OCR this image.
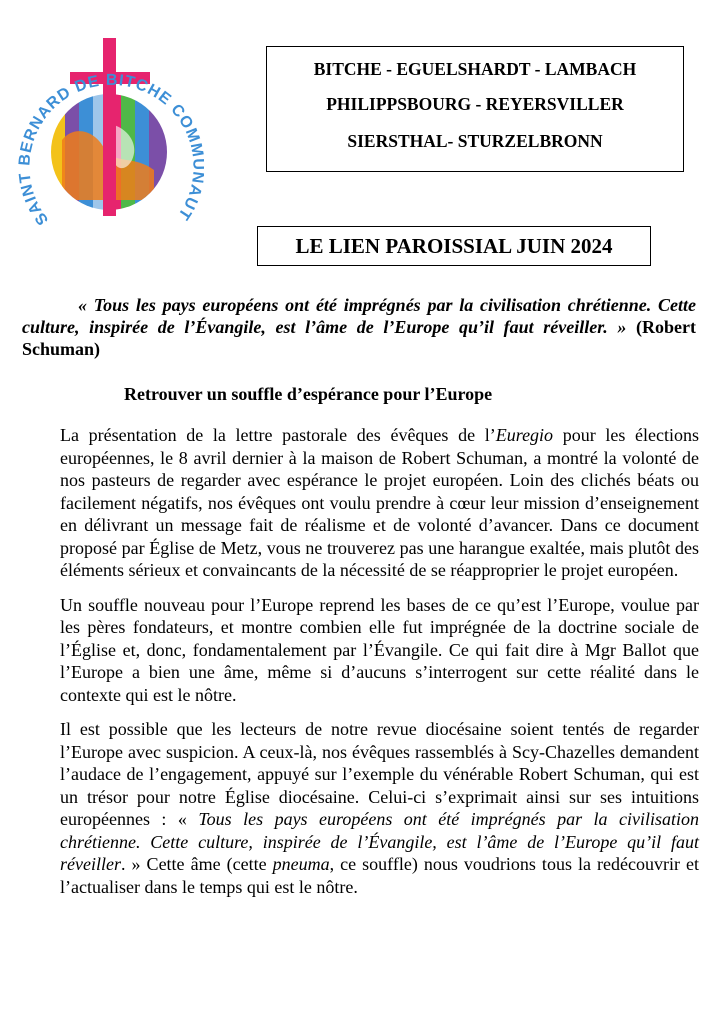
SAINT BERNARD DE BITCHE COM AUT
BITCHE - EGUELSHARDT - LAMBACH
PHILIPPSBOURG - REYERSVILLER
SIERSTHAL- STURZELBRONN
LE LIEN PAROISSIAL JUIN 2024
« Tous les pays européens ont été imprégnés par la civilisation chrétienne. Cette culture, inspirée de l’Évangile, est l’âme de l’Europe qu’il faut réveiller. » (Robert Schuman)
Retrouver un souffle d’espérance pour l’Europe

La présentation de la lettre pastorale des évêques de l’Euregio pour les élections européennes, le 8 avril dernier à la maison de Robert Schuman, a montré la volonté de nos pasteurs de regarder avec espérance le projet européen. Loin des clichés béats ou facilement négatifs, nos évêques ont voulu prendre à cœur leur mission d’enseignement en délivrant un message fait de réalisme et de volonté d’avancer. Dans ce document proposé par Église de Metz, vous ne trouverez pas une harangue exaltée, mais plutôt des éléments sérieux et convaincants de la nécessité de se réapproprier le projet européen.

Un souffle nouveau pour l’Europe reprend les bases de ce qu’est l’Europe, voulue par les pères fondateurs, et montre combien elle fut imprégnée de la doctrine sociale de l’Église et, donc, fondamentalement par l’Évangile. Ce qui fait dire à Mgr Ballot que l’Europe a bien une âme, même si d’aucuns s’interrogent sur cette réalité dans le contexte qui est le nôtre.

Il est possible que les lecteurs de notre revue diocésaine soient tentés de regarder l’Europe avec suspicion. A ceux-là, nos évêques rassemblés à Scy-Chazelles demandent l’audace de l’engagement, appuyé sur l’exemple du vénérable Robert Schuman, qui est un trésor pour notre Église diocésaine. Celui-ci s’exprimait ainsi sur ses intuitions européennes : « Tous les pays européens ont été imprégnés par la civilisation chrétienne. Cette culture, inspirée de l’Évangile, est l’âme de l’Europe qu’il faut réveiller. » Cette âme (cette pneuma, ce souffle) nous voudrions tous la redécouvrir et l’actualiser dans le temps qui est le nôtre.
